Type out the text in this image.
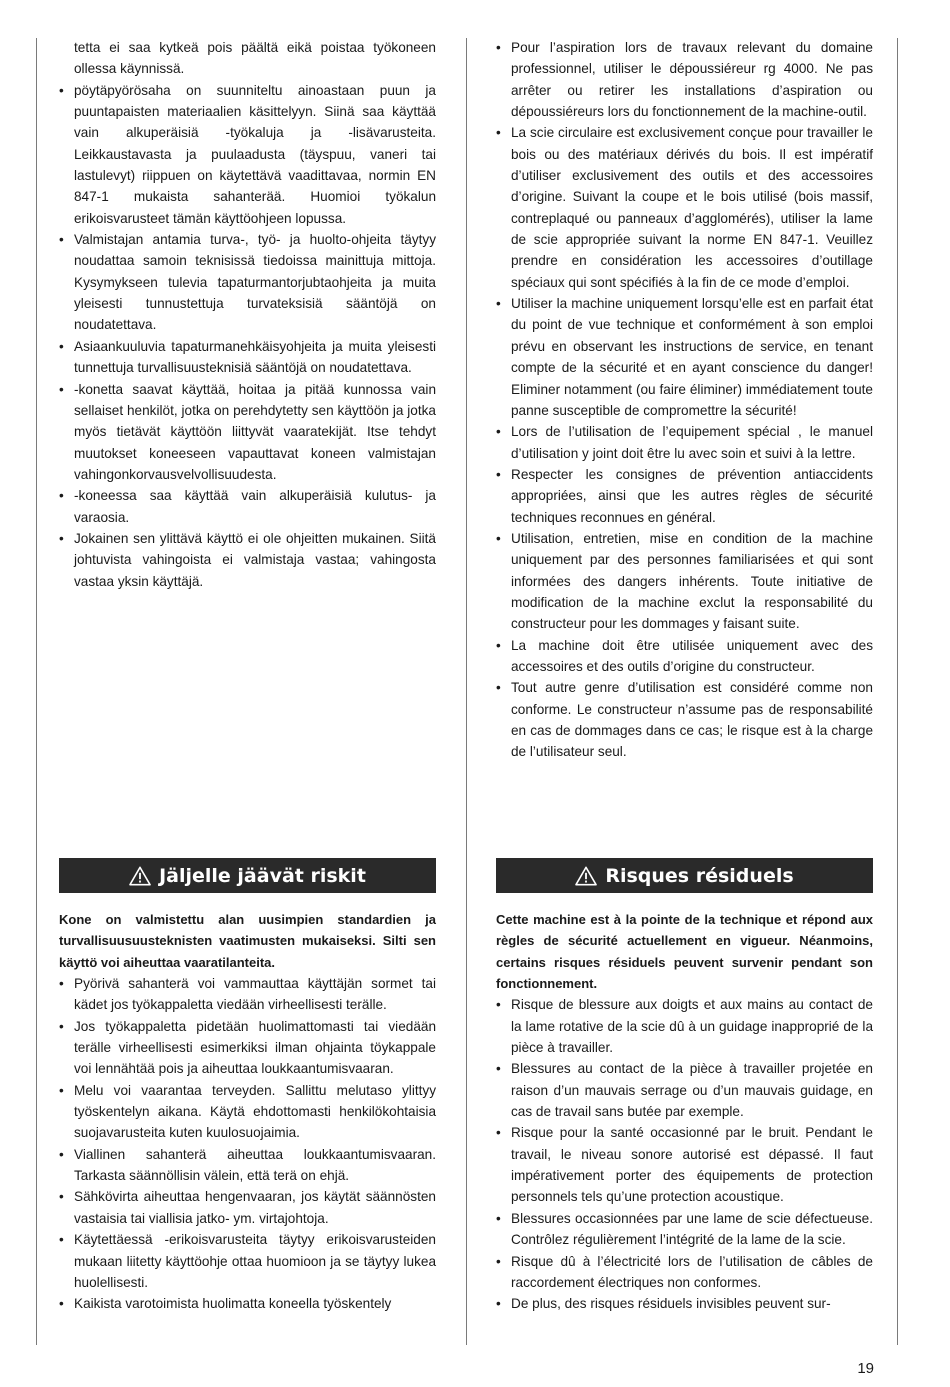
tetta ei saa kytkeä pois päältä eikä poistaa työkoneen ollessa käynnissä.
• pöytäpyörösaha on suunniteltu ainoastaan puun ja puuntapaisten materiaalien käsittelyyn. Siinä saa käyttää vain alkuperäisiä -työkaluja ja -lisävarusteita. Leikkaustavasta ja puulaadusta (täyspuu, vaneri tai lastulevyt) riippuen on käytettävä vaadittavaa, normin EN 847-1 mukaista sahanterää. Huomioi työkalun erikoisvarusteet tämän käyttöohjeen lopussa.
• Valmistajan antamia turva-, työ- ja huolto-ohjeita täytyy noudattaa samoin teknisissä tiedoissa mainittuja mittoja. Kysymykseen tulevia tapaturmantorjubtaohjeita ja muita yleisesti tunnustettuja turvateksisiä sääntöjä on noudatettava.
• Asiaankuuluvia tapaturmanehkäisyohjeita ja muita yleisesti tunnettuja turvallisuusteknisiä sääntöjä on noudatettava.
• -konetta saavat käyttää, hoitaa ja pitää kunnossa vain sellaiset henkilöt, jotka on perehdytetty sen käyttöön ja jotka myös tietävät käyttöön liittyvät vaaratekijät. Itse tehdyt muutokset koneeseen vapauttavat koneen valmistajan vahingonkorvausvelvollisuudesta.
• -koneessa saa käyttää vain alkuperäisiä kulutus- ja varaosia.
• Jokainen sen ylittävä käyttö ei ole ohjeitten mukainen. Siitä johtuvista vahingoista ei valmistaja vastaa; vahingosta vastaa yksin käyttäjä.
• Pour l’aspiration lors de travaux relevant du domaine professionnel, utiliser le dépoussiéreur rg 4000. Ne pas arrêter ou retirer les installations d’aspiration ou dépoussiéreurs lors du fonctionnement de la machine-outil.
• La scie circulaire est exclusivement conçue pour travailler le bois ou des matériaux dérivés du bois. Il est impératif d’utiliser exclusivement des outils et des accessoires d’origine. Suivant la coupe et le bois utilisé (bois massif, contreplaqué ou panneaux d’agglomérés), utiliser la lame de scie appropriée suivant la norme EN 847-1. Veuillez prendre en considération les accessoires d’outillage spéciaux qui sont spécifiés à la fin de ce mode d’emploi.
• Utiliser la machine uniquement lorsqu’elle est en parfait état du point de vue technique et conformément à son emploi prévu en observant les instructions de service, en tenant compte de la sécurité et en ayant conscience du danger! Eliminer notamment (ou faire éliminer) immédiatement toute panne susceptible de compromettre la sécurité!
• Lors de l’utilisation de l’equipement spécial , le manuel d’utilisation y joint doit être lu avec soin et suivi à la lettre.
• Respecter les consignes de prévention antiaccidents appropriées, ainsi que les autres règles de sécurité techniques reconnues en général.
• Utilisation, entretien, mise en condition de la machine uniquement par des personnes familiarisées et qui sont informées des dangers inhérents. Toute initiative de modification de la machine exclut la responsabilité du constructeur pour les dommages y faisant suite.
• La machine doit être utilisée uniquement avec des accessoires et des outils d’origine du constructeur.
• Tout autre genre d’utilisation est considéré comme non conforme. Le constructeur n’assume pas de responsabilité en cas de dommages dans ce cas; le risque est à la charge de l’utilisateur seul.
Jäljelle jäävät riskit	Risques résiduels
Kone on valmistettu alan uusimpien standardien ja turvallisuusuusteknisten vaatimusten mukaiseksi. Silti sen käyttö voi aiheuttaa vaaratilanteita.
• Pyörivä sahanterä voi vammauttaa käyttäjän sormet tai kädet jos työkappaletta viedään virheellisesti terälle.
• Jos työkappaletta pidetään huolimattomasti tai viedään terälle virheellisesti esimerkiksi ilman ohjainta töykappale voi lennähtää pois ja aiheuttaa loukkaantumisvaaran.
• Melu voi vaarantaa terveyden. Sallittu melutaso ylittyy työskentelyn aikana. Käytä ehdottomasti henkilökohtaisia suojavarusteita kuten kuulosuojaimia.
• Viallinen sahanterä aiheuttaa loukkaantumisvaaran. Tarkasta säännöllisin välein, että terä on ehjä.
• Sähkövirta aiheuttaa hengenvaaran, jos käytät säännösten vastaisia tai viallisia jatko- ym. virtajohtoja.
• Käytettäessä -erikoisvarusteita täytyy erikoisvarusteiden mukaan liitetty käyttöohje ottaa huomioon ja se täytyy lukea huolellisesti.
• Kaikista varotoimista huolimatta koneella työskentely
Cette machine est à la pointe de la technique et répond aux règles de sécurité actuellement en vigueur. Néanmoins, certains risques résiduels peuvent survenir pendant son fonctionnement.
• Risque de blessure aux doigts et aux mains au contact de la lame rotative de la scie dû à un guidage inapproprié de la pièce à travailler.
• Blessures au contact de la pièce à travailler projetée en raison d’un mauvais serrage ou d’un mauvais guidage, en cas de travail sans butée par exemple.
• Risque pour la santé occasionné par le bruit. Pendant le travail, le niveau sonore autorisé est dépassé. Il faut impérativement porter des équipements de protection personnels tels qu’une protection acoustique.
• Blessures occasionnées par une lame de scie défectueuse. Contrôlez régulièrement l’intégrité de la lame de la scie.
• Risque dû à l’électricité lors de l’utilisation de câbles de raccordement électriques non conformes.
• De plus, des risques résiduels invisibles peuvent sur-
19
